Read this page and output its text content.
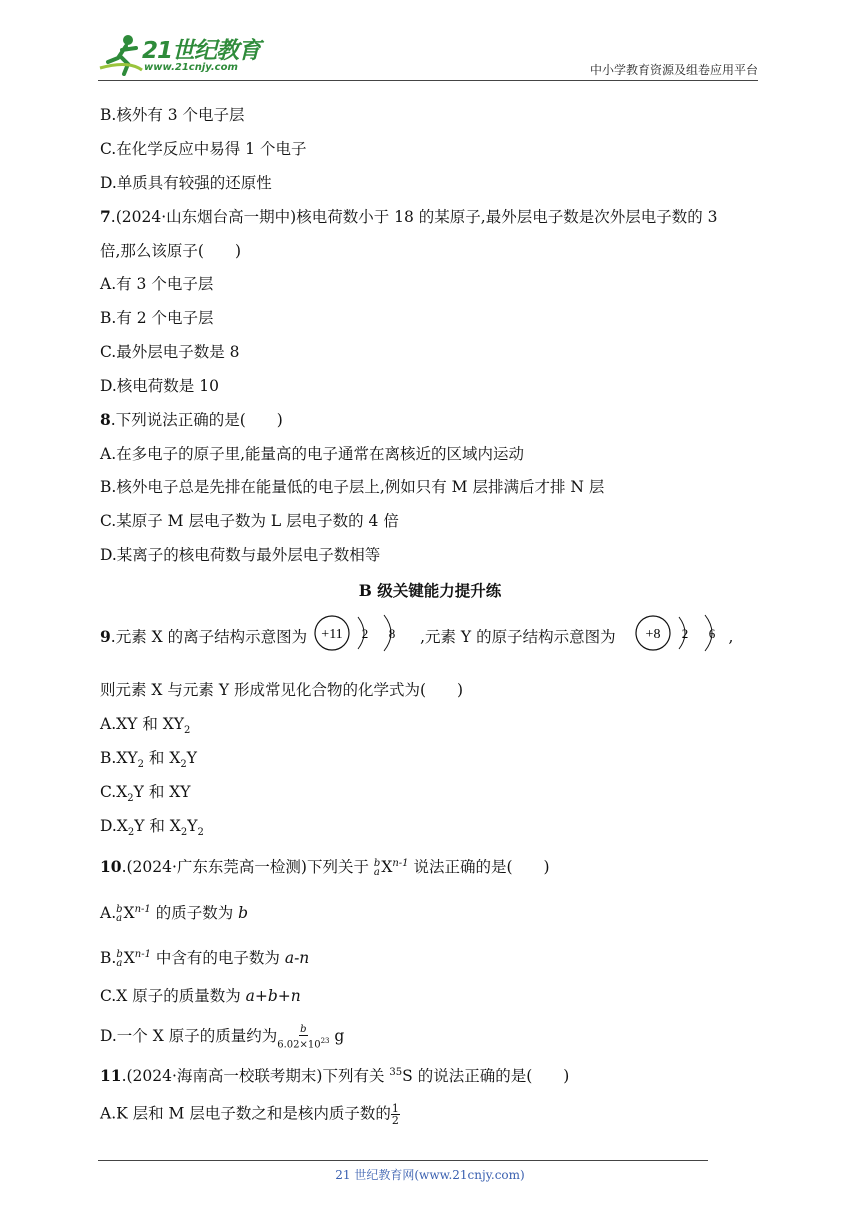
21世纪教育
www.21cnjy.com	中小学教育资源及组卷应用平台
B.核外有 3 个电子层
C.在化学反应中易得 1 个电子
D.单质具有较强的还原性
7.(2024·山东烟台高一期中)核电荷数小于 18 的某原子,最外层电子数是次外层电子数的 3
倍,那么该原子(　　)
A.有 3 个电子层
B.有 2 个电子层
C.最外层电子数是 8
D.核电荷数是 10
8.下列说法正确的是(　　)
A.在多电子的原子里,能量高的电子通常在离核近的区域内运动
B.核外电子总是先排在能量低的电子层上,例如只有 M 层排满后才排 N 层
C.某原子 M 层电子数为 L 层电子数的 4 倍
D.某离子的核电荷数与最外层电子数相等
B 级关键能力提升练
9.元素 X 的离子结构示意图为 +11 2 8 ,元素 Y 的原子结构示意图为 +8 2 6 ,
则元素 X 与元素 Y 形成常见化合物的化学式为(　　)
A.XY 和 $XY_2$
$B.XY_2$ 和 $X_2Y$
$C.X_2Y$ 和 XY
$D.X_2Y$ 和 $X_2Y_2$
10.(2024·广东东莞高一检测)下列关于 b
a $X^{n-1}$ 说法正确的是(　　)
A. b
a $X^{n-1}$ 的质子数为 b
B. b
a $X^{n-1}$ 中含有的电子数为 a-n
C.X 原子的质量数为 a+b+n
D.一个 X 原子的质量约为 $\frac{b}{6.02\times 10^{23}}$ g
11.(2024·海南高一校联考期末)下列有关 $^{35}$S 的说法正确的是(　　)
A.K 层和 M 层电子数之和是核内质子数的 $\frac{1}{2}$
21 世纪教育网(www.21cnjy.com)
